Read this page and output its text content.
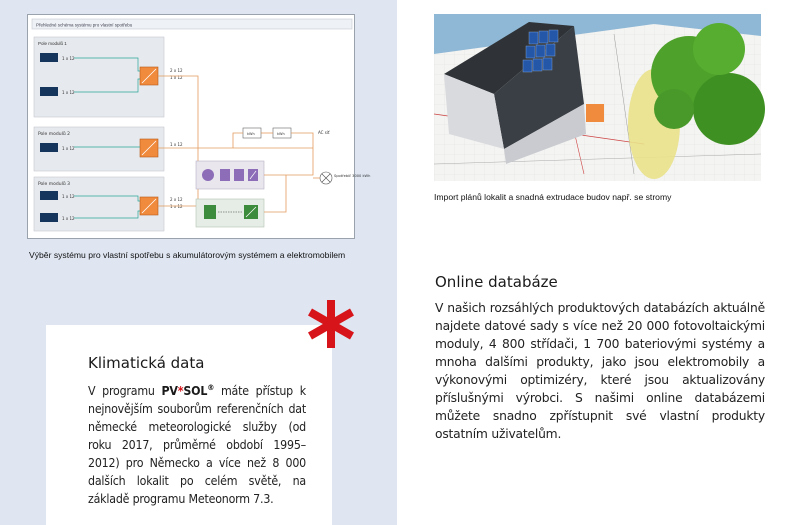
Přehledné schéma systému pro vlastní spotřebu
Pole modulů 1
1 x 12
1 x 12
2 x 12
1 x 12
Pole modulů 2
1 x 12
1 x 12
Pole modulů 3
1 x 12
1 x 12
2 x 12
1 x 12
kWh	kWh	AC síť
Spotřebič 3000 kWh
Výběr systému pro vlastní spotřebu s akumulátorovým systémem a elektromobilem
Klimatická data
V programu PV*SOL® máte přístup k nejnovějším souborům referenčních dat německé meteorologické služby (od roku 2017, průměrné období 1995–2012) pro Německo a více než 8 000 dalších lokalit po celém světě, na základě programu Meteonorm 7.3.
Import plánů lokalit a snadná extrudace budov např. se stromy
Online databáze
V našich rozsáhlých produktových databázích aktuálně najdete datové sady s více než 20 000 fotovoltaickými moduly, 4 800 střídači, 1 700 bateriovými systémy a mnoha dalšími produkty, jako jsou elektromobily a výkonovými optimizéry, které jsou aktualizovány příslušnými výrobci. S našimi online databázemi můžete snadno zpřístupnit své vlastní produkty ostatním uživatelům.
